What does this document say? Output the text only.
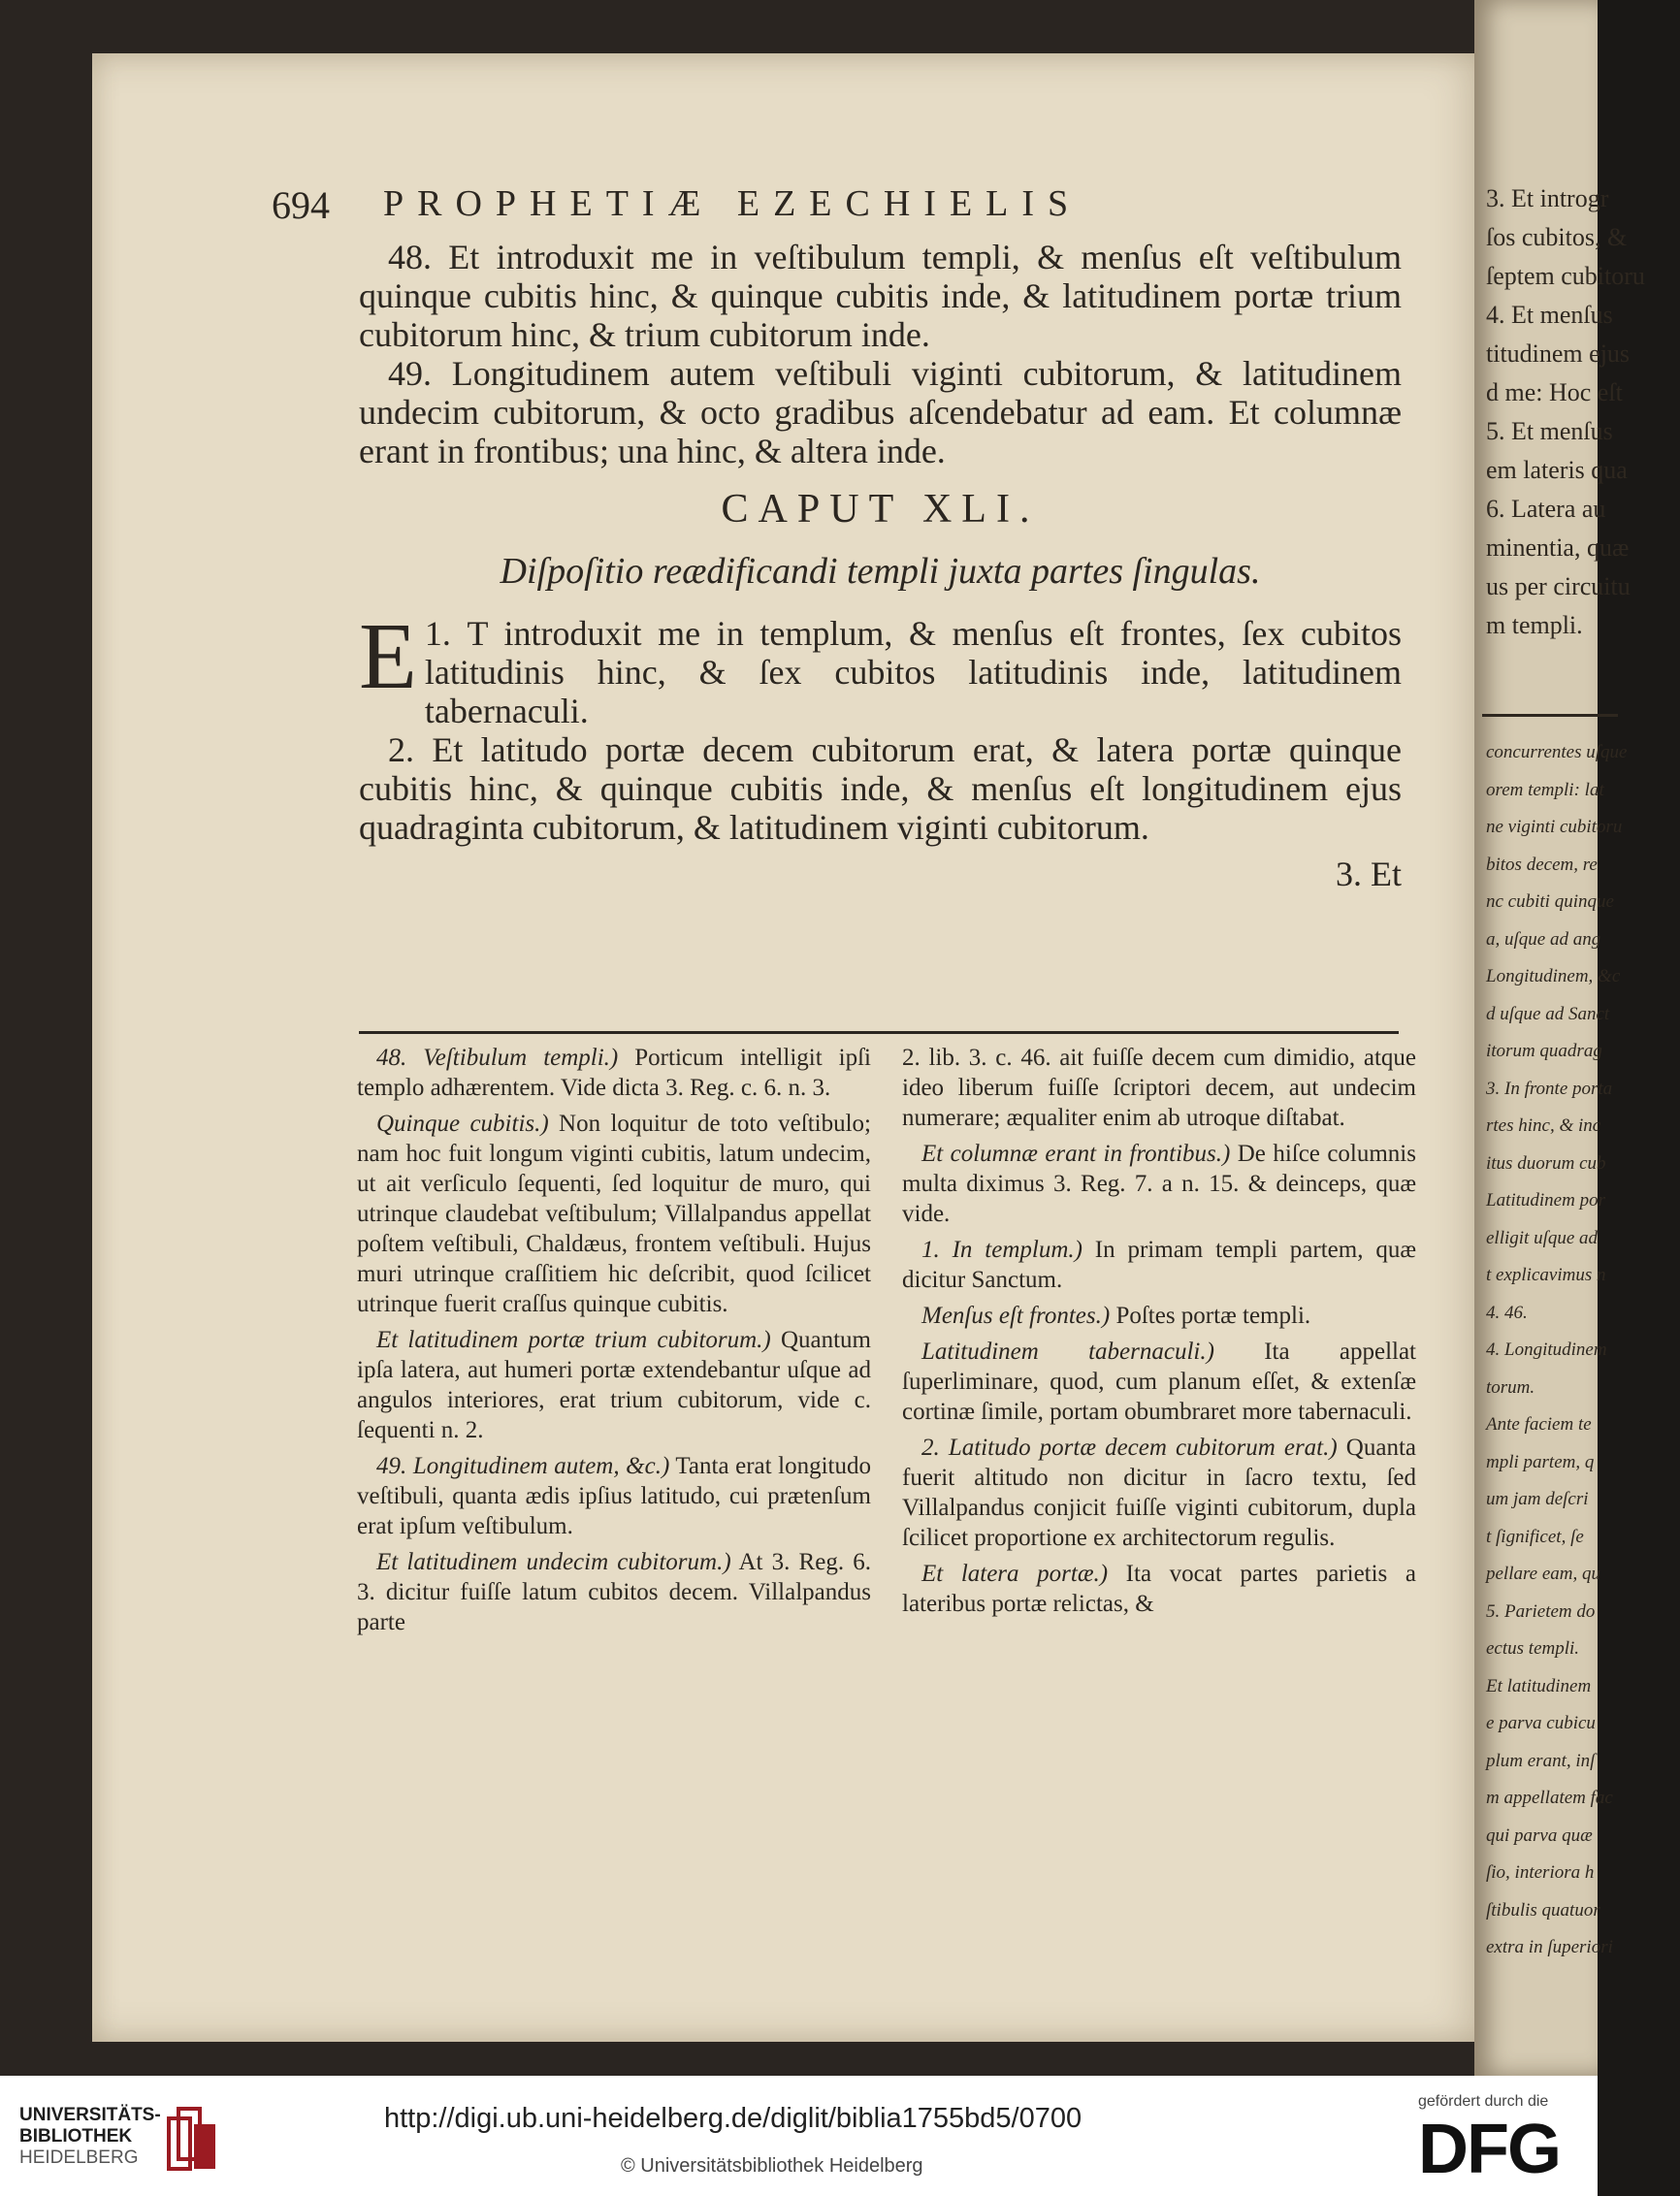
694 PROPHETIÆ EZECHIELIS

48. Et introduxit me in veſtibulum templi, & menſus eſt veſtibulum quinque cubitis hinc, & quinque cubitis inde, & latitudinem portæ trium cubitorum hinc, & trium cubitorum inde.

49. Longitudinem autem veſtibuli viginti cubitorum, & latitudinem undecim cubitorum, & octo gradibus aſcendebatur ad eam. Et columnæ erant in frontibus; una hinc, & altera inde.

CAPUT XLI.
Diſpoſitio reædificandi templi juxta partes ſingulas.

1.
E T introduxit me in templum, & menſus eſt frontes, ſex cubitos latitudinis hinc, & ſex cubitos latitudinis inde, latitudinem tabernaculi.

2. Et latitudo portæ decem cubitorum erat, & latera portæ quinque cubitis hinc, & quinque cubitis inde, & menſus eſt longitudinem ejus quadraginta cubitorum, & latitudinem viginti cubitorum.

3. Et

48. Veſtibulum templi.) Porticum intelligit ipſi templo adhærentem. Vide dicta 3. Reg. c. 6. n. 3.

Quinque cubitis.) Non loquitur de toto veſtibulo; nam hoc fuit longum viginti cubitis, latum undecim, ut ait verſiculo ſequenti, ſed loquitur de muro, qui utrinque claudebat veſtibulum; Villalpandus appellat poſtem veſtibuli, Chaldæus, frontem veſtibuli. Hujus muri utrinque craſſitiem hic deſcribit, quod ſcilicet utrinque fuerit craſſus quinque cubitis.

Et latitudinem portæ trium cubitorum.) Quantum ipſa latera, aut humeri portæ extendebantur uſque ad angulos interiores, erat trium cubitorum, vide c. ſequenti n. 2.

49. Longitudinem autem, &c.) Tanta erat longitudo veſtibuli, quanta ædis ipſius latitudo, cui prætenſum erat ipſum veſtibulum.

Et latitudinem undecim cubitorum.) At 3. Reg. 6. 3. dicitur fuiſſe latum cubitos decem. Villalpandus parte

2. lib. 3. c. 46. ait fuiſſe decem cum dimidio, atque ideo liberum fuiſſe ſcriptori decem, aut undecim numerare; æqualiter enim ab utroque diſtabat.

Et columnæ erant in frontibus.) De hiſce columnis multa diximus 3. Reg. 7. a n. 15. & deinceps, quæ vide.

1. In templum.) In primam templi partem, quæ dicitur Sanctum.

Menſus eſt frontes.) Poſtes portæ templi.

Latitudinem tabernaculi.) Ita appellat ſuperliminare, quod, cum planum eſſet, & extenſæ cortinæ ſimile, portam obumbraret more tabernaculi.

2. Latitudo portæ decem cubitorum erat.) Quanta fuerit altitudo non dicitur in ſacro textu, ſed Villalpandus conjicit fuiſſe viginti cubitorum, dupla ſcilicet proportione ex architectorum regulis.

Et latera portæ.) Ita vocat partes parietis a lateribus portæ relictas, &

3. Et introgr
ſos cubitos, &
ſeptem cubitoru
4. Et menſus
titudinem ejus
d me: Hoc eſt
5. Et menſus
em lateris qua
6. Latera au
minentia, quæ
us per circuitu
m templi.
concurrentes uſque
orem templi: lat
ne viginti cubitoru
bitos decem, re
nc cubiti quinque
a, uſque ad ang
Longitudinem, &c
d uſque ad Sanct
itorum quadrag
3. In fronte porta
rtes hinc, & inc
itus duorum cub
Latitudinem por
elligit uſque ad
t explicavimus n
4. 46.
4. Longitudinem
torum.
Ante faciem te
mpli partem, q
um jam deſcri
t ſignificet, ſe
pellare eam, qu
5. Parietem do
ectus templi.
Et latitudinem
e parva cubicu
plum erant, inſ
m appellatem fac
qui parva quæ
ſio, interiora h
ſtibulis quatuor
extra in ſuperiori
UNIVERSITÄTS-
BIBLIOTHEK
HEIDELBERG
http://digi.ub.uni-heidelberg.de/diglit/biblia1755bd5/0700
© Universitätsbibliothek Heidelberg
gefördert durch die
DFG
